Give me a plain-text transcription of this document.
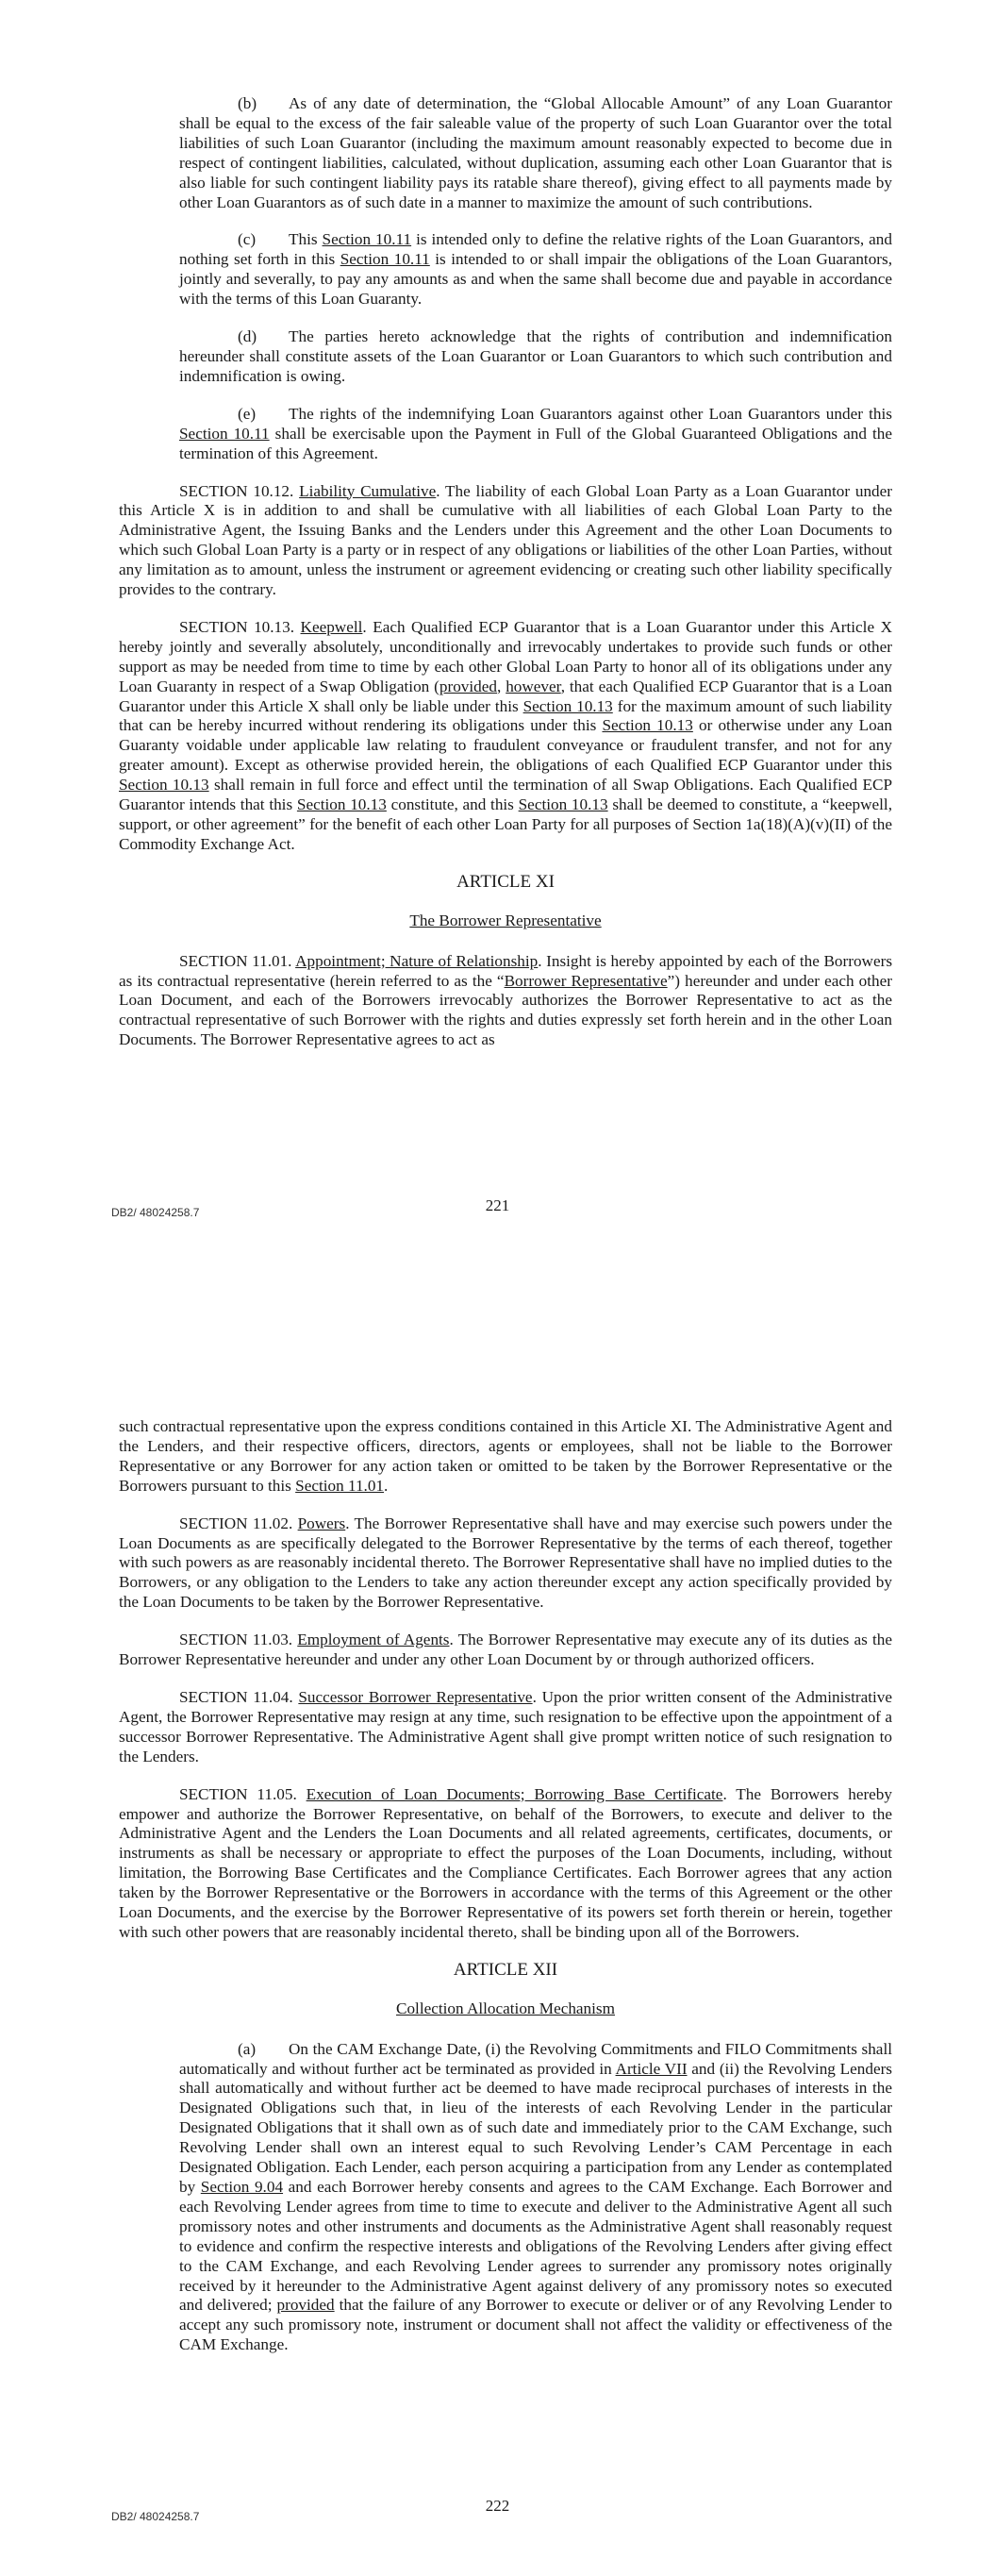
(b) As of any date of determination, the “Global Allocable Amount” of any Loan Guarantor shall be equal to the excess of the fair saleable value of the property of such Loan Guarantor over the total liabilities of such Loan Guarantor (including the maximum amount reasonably expected to become due in respect of contingent liabilities, calculated, without duplication, assuming each other Loan Guarantor that is also liable for such contingent liability pays its ratable share thereof), giving effect to all payments made by other Loan Guarantors as of such date in a manner to maximize the amount of such contributions.

(c) This Section 10.11 is intended only to define the relative rights of the Loan Guarantors, and nothing set forth in this Section 10.11 is intended to or shall impair the obligations of the Loan Guarantors, jointly and severally, to pay any amounts as and when the same shall become due and payable in accordance with the terms of this Loan Guaranty.

(d) The parties hereto acknowledge that the rights of contribution and indemnification hereunder shall constitute assets of the Loan Guarantor or Loan Guarantors to which such contribution and indemnification is owing.

(e) The rights of the indemnifying Loan Guarantors against other Loan Guarantors under this Section 10.11 shall be exercisable upon the Payment in Full of the Global Guaranteed Obligations and the termination of this Agreement.

SECTION 10.12. Liability Cumulative. The liability of each Global Loan Party as a Loan Guarantor under this Article X is in addition to and shall be cumulative with all liabilities of each Global Loan Party to the Administrative Agent, the Issuing Banks and the Lenders under this Agreement and the other Loan Documents to which such Global Loan Party is a party or in respect of any obligations or liabilities of the other Loan Parties, without any limitation as to amount, unless the instrument or agreement evidencing or creating such other liability specifically provides to the contrary.

SECTION 10.13. Keepwell. Each Qualified ECP Guarantor that is a Loan Guarantor under this Article X hereby jointly and severally absolutely, unconditionally and irrevocably undertakes to provide such funds or other support as may be needed from time to time by each other Global Loan Party to honor all of its obligations under any Loan Guaranty in respect of a Swap Obligation (provided, however, that each Qualified ECP Guarantor that is a Loan Guarantor under this Article X shall only be liable under this Section 10.13 for the maximum amount of such liability that can be hereby incurred without rendering its obligations under this Section 10.13 or otherwise under any Loan Guaranty voidable under applicable law relating to fraudulent conveyance or fraudulent transfer, and not for any greater amount). Except as otherwise provided herein, the obligations of each Qualified ECP Guarantor under this Section 10.13 shall remain in full force and effect until the termination of all Swap Obligations. Each Qualified ECP Guarantor intends that this Section 10.13 constitute, and this Section 10.13 shall be deemed to constitute, a “keepwell, support, or other agreement” for the benefit of each other Loan Party for all purposes of Section 1a(18)(A)(v)(II) of the Commodity Exchange Act.

ARTICLE XI
The Borrower Representative

SECTION 11.01. Appointment; Nature of Relationship. Insight is hereby appointed by each of the Borrowers as its contractual representative (herein referred to as the “Borrower Representative”) hereunder and under each other Loan Document, and each of the Borrowers irrevocably authorizes the Borrower Representative to act as the contractual representative of such Borrower with the rights and duties expressly set forth herein and in the other Loan Documents. The Borrower Representative agrees to act as

DB2/ 48024258.7	221

such contractual representative upon the express conditions contained in this Article XI. The Administrative Agent and the Lenders, and their respective officers, directors, agents or employees, shall not be liable to the Borrower Representative or any Borrower for any action taken or omitted to be taken by the Borrower Representative or the Borrowers pursuant to this Section 11.01.

SECTION 11.02. Powers. The Borrower Representative shall have and may exercise such powers under the Loan Documents as are specifically delegated to the Borrower Representative by the terms of each thereof, together with such powers as are reasonably incidental thereto. The Borrower Representative shall have no implied duties to the Borrowers, or any obligation to the Lenders to take any action thereunder except any action specifically provided by the Loan Documents to be taken by the Borrower Representative.

SECTION 11.03. Employment of Agents. The Borrower Representative may execute any of its duties as the Borrower Representative hereunder and under any other Loan Document by or through authorized officers.

SECTION 11.04. Successor Borrower Representative. Upon the prior written consent of the Administrative Agent, the Borrower Representative may resign at any time, such resignation to be effective upon the appointment of a successor Borrower Representative. The Administrative Agent shall give prompt written notice of such resignation to the Lenders.

SECTION 11.05. Execution of Loan Documents; Borrowing Base Certificate. The Borrowers hereby empower and authorize the Borrower Representative, on behalf of the Borrowers, to execute and deliver to the Administrative Agent and the Lenders the Loan Documents and all related agreements, certificates, documents, or instruments as shall be necessary or appropriate to effect the purposes of the Loan Documents, including, without limitation, the Borrowing Base Certificates and the Compliance Certificates. Each Borrower agrees that any action taken by the Borrower Representative or the Borrowers in accordance with the terms of this Agreement or the other Loan Documents, and the exercise by the Borrower Representative of its powers set forth therein or herein, together with such other powers that are reasonably incidental thereto, shall be binding upon all of the Borrowers.

ARTICLE XII
Collection Allocation Mechanism

(a) On the CAM Exchange Date, (i) the Revolving Commitments and FILO Commitments shall automatically and without further act be terminated as provided in Article VII and (ii) the Revolving Lenders shall automatically and without further act be deemed to have made reciprocal purchases of interests in the Designated Obligations such that, in lieu of the interests of each Revolving Lender in the particular Designated Obligations that it shall own as of such date and immediately prior to the CAM Exchange, such Revolving Lender shall own an interest equal to such Revolving Lender’s CAM Percentage in each Designated Obligation. Each Lender, each person acquiring a participation from any Lender as contemplated by Section 9.04 and each Borrower hereby consents and agrees to the CAM Exchange. Each Borrower and each Revolving Lender agrees from time to time to execute and deliver to the Administrative Agent all such promissory notes and other instruments and documents as the Administrative Agent shall reasonably request to evidence and confirm the respective interests and obligations of the Revolving Lenders after giving effect to the CAM Exchange, and each Revolving Lender agrees to surrender any promissory notes originally received by it hereunder to the Administrative Agent against delivery of any promissory notes so executed and delivered; provided that the failure of any Borrower to execute or deliver or of any Revolving Lender to accept any such promissory note, instrument or document shall not affect the validity or effectiveness of the CAM Exchange.

DB2/ 48024258.7
222
